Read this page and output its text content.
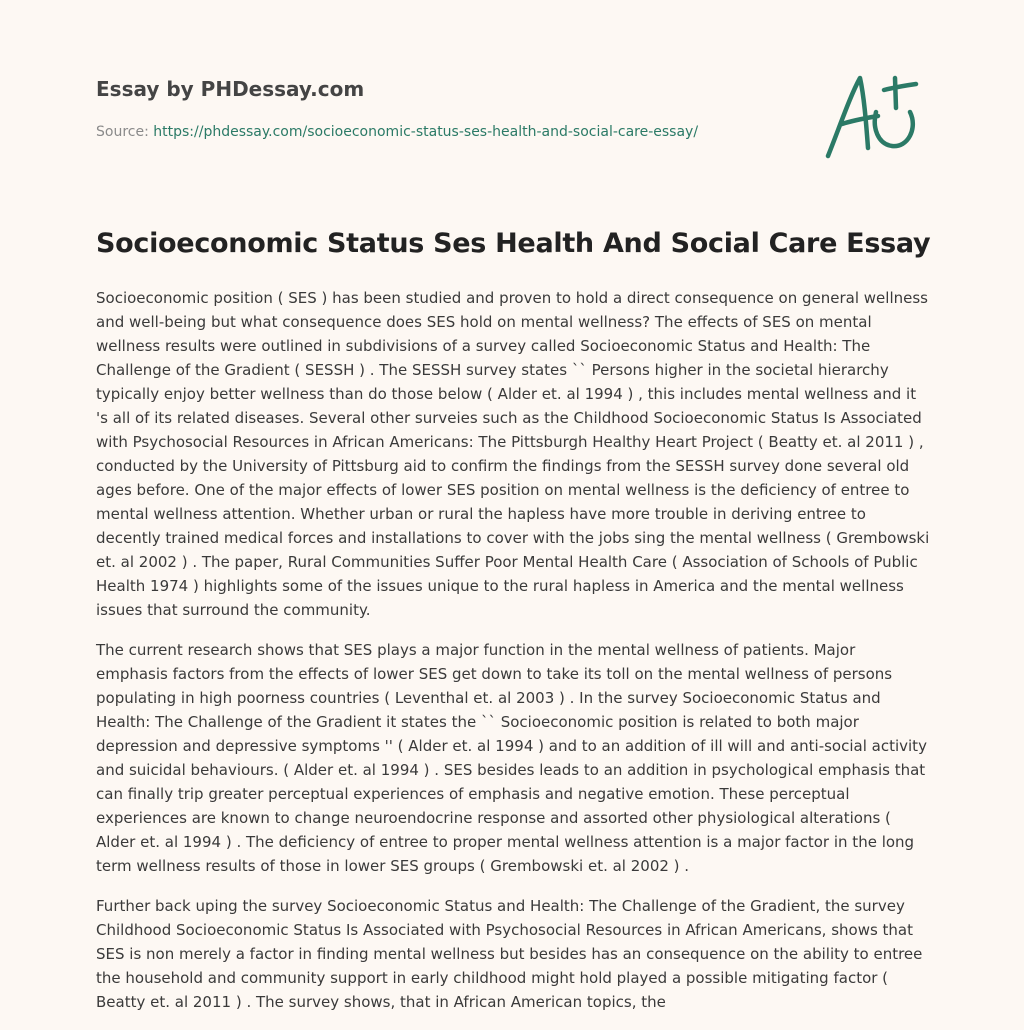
Essay by PHDessay.com
Source: https://phdessay.com/socioeconomic-status-ses-health-and-social-care-essay/
Socioeconomic Status Ses Health And Social Care Essay

Socioeconomic position ( SES ) has been studied and proven to hold a direct consequence on general wellness and well-being but what consequence does SES hold on mental wellness? The effects of SES on mental wellness results were outlined in subdivisions of a survey called Socioeconomic Status and Health: The Challenge of the Gradient ( SESSH ) . The SESSH survey states `` Persons higher in the societal hierarchy typically enjoy better wellness than do those below ( Alder et. al 1994 ) , this includes mental wellness and it 's all of its related diseases. Several other surveies such as the Childhood Socioeconomic Status Is Associated with Psychosocial Resources in African Americans: The Pittsburgh Healthy Heart Project ( Beatty et. al 2011 ) , conducted by the University of Pittsburg aid to confirm the findings from the SESSH survey done several old ages before. One of the major effects of lower SES position on mental wellness is the deficiency of entree to mental wellness attention. Whether urban or rural the hapless have more trouble in deriving entree to decently trained medical forces and installations to cover with the jobs sing the mental wellness ( Grembowski et. al 2002 ) . The paper, Rural Communities Suffer Poor Mental Health Care ( Association of Schools of Public Health 1974 ) highlights some of the issues unique to the rural hapless in America and the mental wellness issues that surround the community.

The current research shows that SES plays a major function in the mental wellness of patients. Major emphasis factors from the effects of lower SES get down to take its toll on the mental wellness of persons populating in high poorness countries ( Leventhal et. al 2003 ) . In the survey Socioeconomic Status and Health: The Challenge of the Gradient it states the `` Socioeconomic position is related to both major depression and depressive symptoms '' ( Alder et. al 1994 ) and to an addition of ill will and anti-social activity and suicidal behaviours. ( Alder et. al 1994 ) . SES besides leads to an addition in psychological emphasis that can finally trip greater perceptual experiences of emphasis and negative emotion. These perceptual experiences are known to change neuroendocrine response and assorted other physiological alterations ( Alder et. al 1994 ) . The deficiency of entree to proper mental wellness attention is a major factor in the long term wellness results of those in lower SES groups ( Grembowski et. al 2002 ) .

Further back uping the survey Socioeconomic Status and Health: The Challenge of the Gradient, the survey Childhood Socioeconomic Status Is Associated with Psychosocial Resources in African Americans, shows that SES is non merely a factor in finding mental wellness but besides has an consequence on the ability to entree the household and community support in early childhood might hold played a possible mitigating factor ( Beatty et. al 2011 ) . The survey shows, that in African American topics, the
